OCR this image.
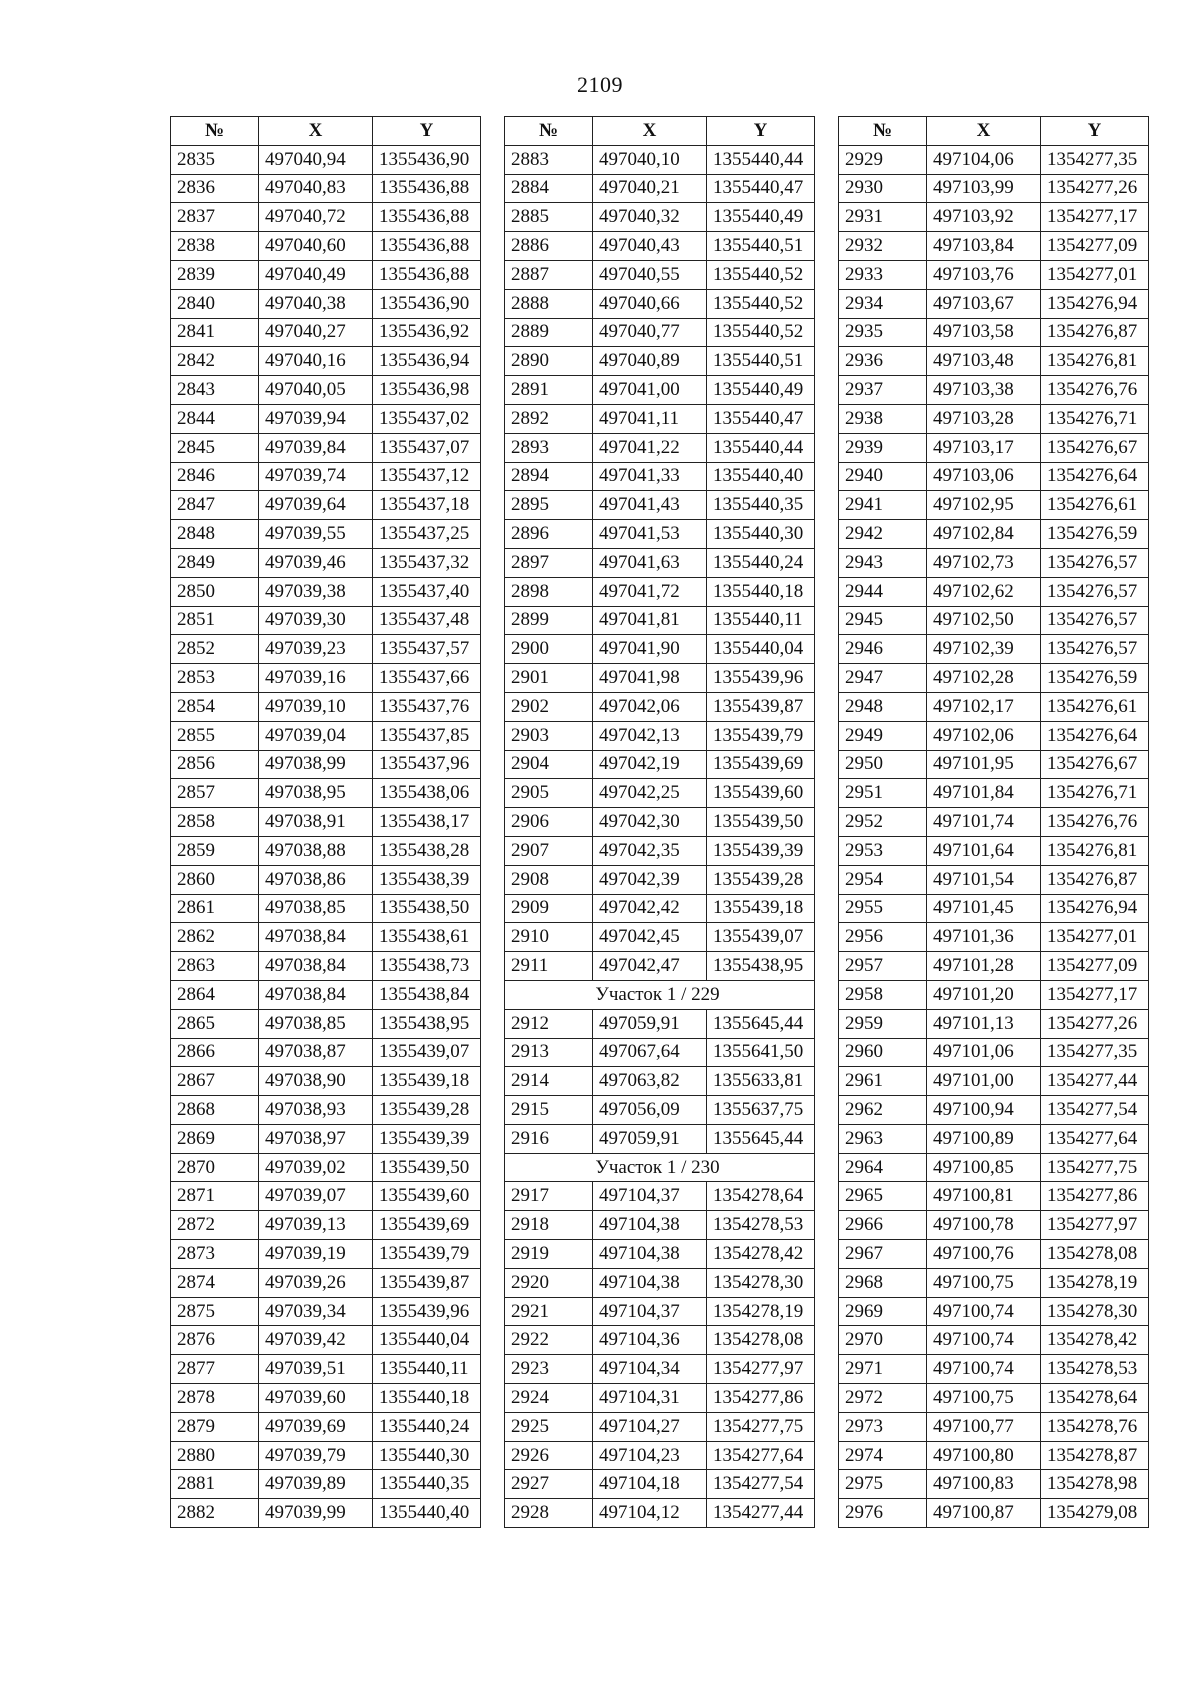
2109
№	X	Y
2835	497040,94	1355436,90
2836	497040,83	1355436,88
2837	497040,72	1355436,88
2838	497040,60	1355436,88
2839	497040,49	1355436,88
2840	497040,38	1355436,90
2841	497040,27	1355436,92
2842	497040,16	1355436,94
2843	497040,05	1355436,98
2844	497039,94	1355437,02
2845	497039,84	1355437,07
2846	497039,74	1355437,12
2847	497039,64	1355437,18
2848	497039,55	1355437,25
2849	497039,46	1355437,32
2850	497039,38	1355437,40
2851	497039,30	1355437,48
2852	497039,23	1355437,57
2853	497039,16	1355437,66
2854	497039,10	1355437,76
2855	497039,04	1355437,85
2856	497038,99	1355437,96
2857	497038,95	1355438,06
2858	497038,91	1355438,17
2859	497038,88	1355438,28
2860	497038,86	1355438,39
2861	497038,85	1355438,50
2862	497038,84	1355438,61
2863	497038,84	1355438,73
2864	497038,84	1355438,84
2865	497038,85	1355438,95
2866	497038,87	1355439,07
2867	497038,90	1355439,18
2868	497038,93	1355439,28
2869	497038,97	1355439,39
2870	497039,02	1355439,50
2871	497039,07	1355439,60
2872	497039,13	1355439,69
2873	497039,19	1355439,79
2874	497039,26	1355439,87
2875	497039,34	1355439,96
2876	497039,42	1355440,04
2877	497039,51	1355440,11
2878	497039,60	1355440,18
2879	497039,69	1355440,24
2880	497039,79	1355440,30
2881	497039,89	1355440,35
2882	497039,99	1355440,40
№	X	Y
2883	497040,10	1355440,44
2884	497040,21	1355440,47
2885	497040,32	1355440,49
2886	497040,43	1355440,51
2887	497040,55	1355440,52
2888	497040,66	1355440,52
2889	497040,77	1355440,52
2890	497040,89	1355440,51
2891	497041,00	1355440,49
2892	497041,11	1355440,47
2893	497041,22	1355440,44
2894	497041,33	1355440,40
2895	497041,43	1355440,35
2896	497041,53	1355440,30
2897	497041,63	1355440,24
2898	497041,72	1355440,18
2899	497041,81	1355440,11
2900	497041,90	1355440,04
2901	497041,98	1355439,96
2902	497042,06	1355439,87
2903	497042,13	1355439,79
2904	497042,19	1355439,69
2905	497042,25	1355439,60
2906	497042,30	1355439,50
2907	497042,35	1355439,39
2908	497042,39	1355439,28
2909	497042,42	1355439,18
2910	497042,45	1355439,07
2911	497042,47	1355438,95
Участок 1 / 229		
2912	497059,91	1355645,44
2913	497067,64	1355641,50
2914	497063,82	1355633,81
2915	497056,09	1355637,75
2916	497059,91	1355645,44
Участок 1 / 230		
2917	497104,37	1354278,64
2918	497104,38	1354278,53
2919	497104,38	1354278,42
2920	497104,38	1354278,30
2921	497104,37	1354278,19
2922	497104,36	1354278,08
2923	497104,34	1354277,97
2924	497104,31	1354277,86
2925	497104,27	1354277,75
2926	497104,23	1354277,64
2927	497104,18	1354277,54
2928	497104,12	1354277,44
№	X	Y
2929	497104,06	1354277,35
2930	497103,99	1354277,26
2931	497103,92	1354277,17
2932	497103,84	1354277,09
2933	497103,76	1354277,01
2934	497103,67	1354276,94
2935	497103,58	1354276,87
2936	497103,48	1354276,81
2937	497103,38	1354276,76
2938	497103,28	1354276,71
2939	497103,17	1354276,67
2940	497103,06	1354276,64
2941	497102,95	1354276,61
2942	497102,84	1354276,59
2943	497102,73	1354276,57
2944	497102,62	1354276,57
2945	497102,50	1354276,57
2946	497102,39	1354276,57
2947	497102,28	1354276,59
2948	497102,17	1354276,61
2949	497102,06	1354276,64
2950	497101,95	1354276,67
2951	497101,84	1354276,71
2952	497101,74	1354276,76
2953	497101,64	1354276,81
2954	497101,54	1354276,87
2955	497101,45	1354276,94
2956	497101,36	1354277,01
2957	497101,28	1354277,09
2958	497101,20	1354277,17
2959	497101,13	1354277,26
2960	497101,06	1354277,35
2961	497101,00	1354277,44
2962	497100,94	1354277,54
2963	497100,89	1354277,64
2964	497100,85	1354277,75
2965	497100,81	1354277,86
2966	497100,78	1354277,97
2967	497100,76	1354278,08
2968	497100,75	1354278,19
2969	497100,74	1354278,30
2970	497100,74	1354278,42
2971	497100,74	1354278,53
2972	497100,75	1354278,64
2973	497100,77	1354278,76
2974	497100,80	1354278,87
2975	497100,83	1354278,98
2976	497100,87	1354279,08
